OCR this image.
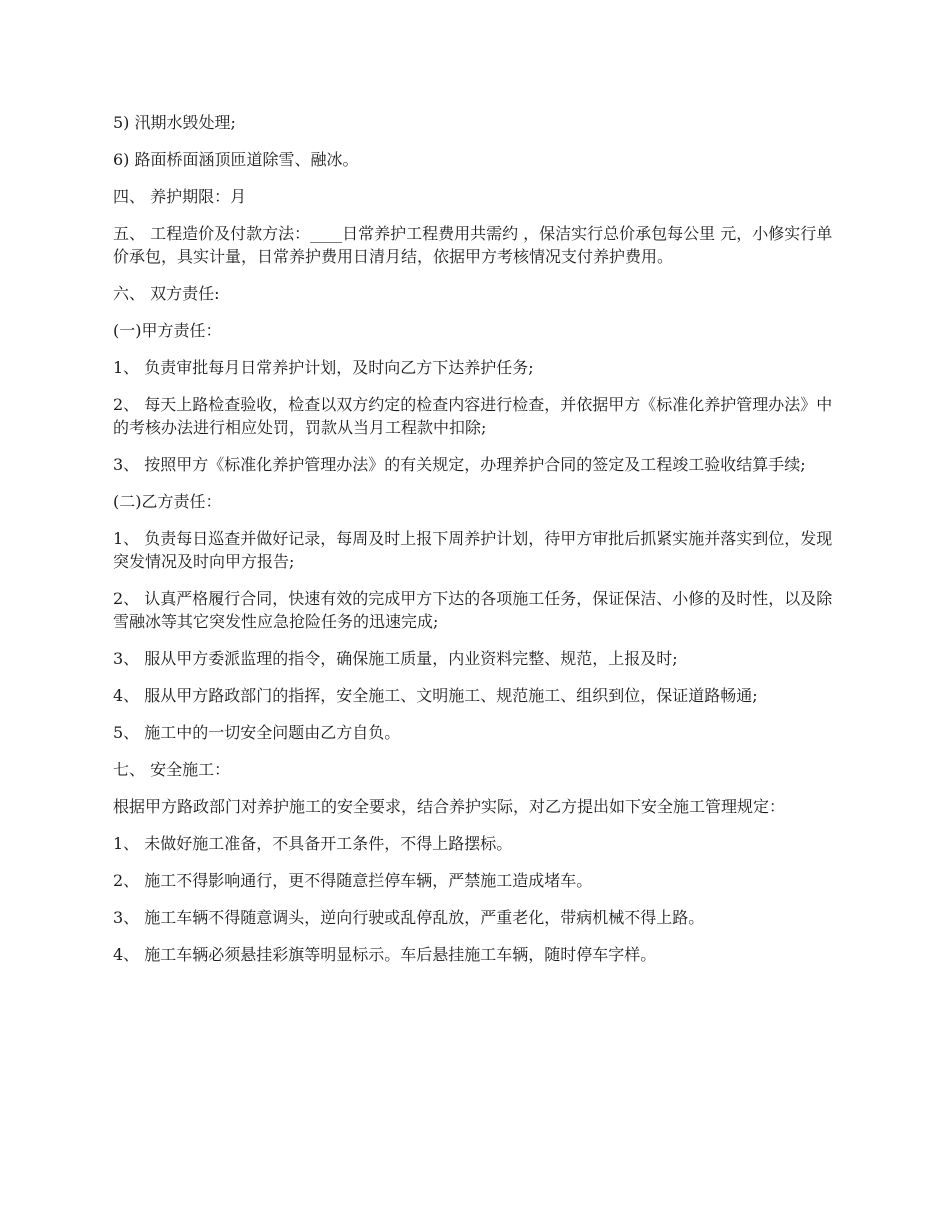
5) 汛期水毁处理;

6) 路面桥面涵顶匝道除雪、融冰。

四、 养护期限：月

五、 工程造价及付款方法：____日常养护工程费用共需约 ，保洁实行总价承包每公里 元，小修实行单价承包，具实计量，日常养护费用日清月结，依据甲方考核情况支付养护费用。

六、 双方责任:

(一)甲方责任：

1、 负责审批每月日常养护计划，及时向乙方下达养护任务;

2、 每天上路检查验收，检查以双方约定的检查内容进行检查，并依据甲方《标准化养护管理办法》中的考核办法进行相应处罚，罚款从当月工程款中扣除;

3、 按照甲方《标准化养护管理办法》的有关规定，办理养护合同的签定及工程竣工验收结算手续;

(二)乙方责任：

1、 负责每日巡查并做好记录，每周及时上报下周养护计划，待甲方审批后抓紧实施并落实到位，发现突发情况及时向甲方报告;

2、 认真严格履行合同，快速有效的完成甲方下达的各项施工任务，保证保洁、小修的及时性，以及除雪融冰等其它突发性应急抢险任务的迅速完成;

3、 服从甲方委派监理的指令，确保施工质量，内业资料完整、规范，上报及时;

4、 服从甲方路政部门的指挥，安全施工、文明施工、规范施工、组织到位，保证道路畅通;

5、 施工中的一切安全问题由乙方自负。

七、 安全施工：

根据甲方路政部门对养护施工的安全要求，结合养护实际，对乙方提出如下安全施工管理规定：

1、 未做好施工准备，不具备开工条件，不得上路摆标。

2、 施工不得影响通行，更不得随意拦停车辆，严禁施工造成堵车。

3、 施工车辆不得随意调头，逆向行驶或乱停乱放，严重老化，带病机械不得上路。

4、 施工车辆必须悬挂彩旗等明显标示。车后悬挂施工车辆，随时停车字样。
